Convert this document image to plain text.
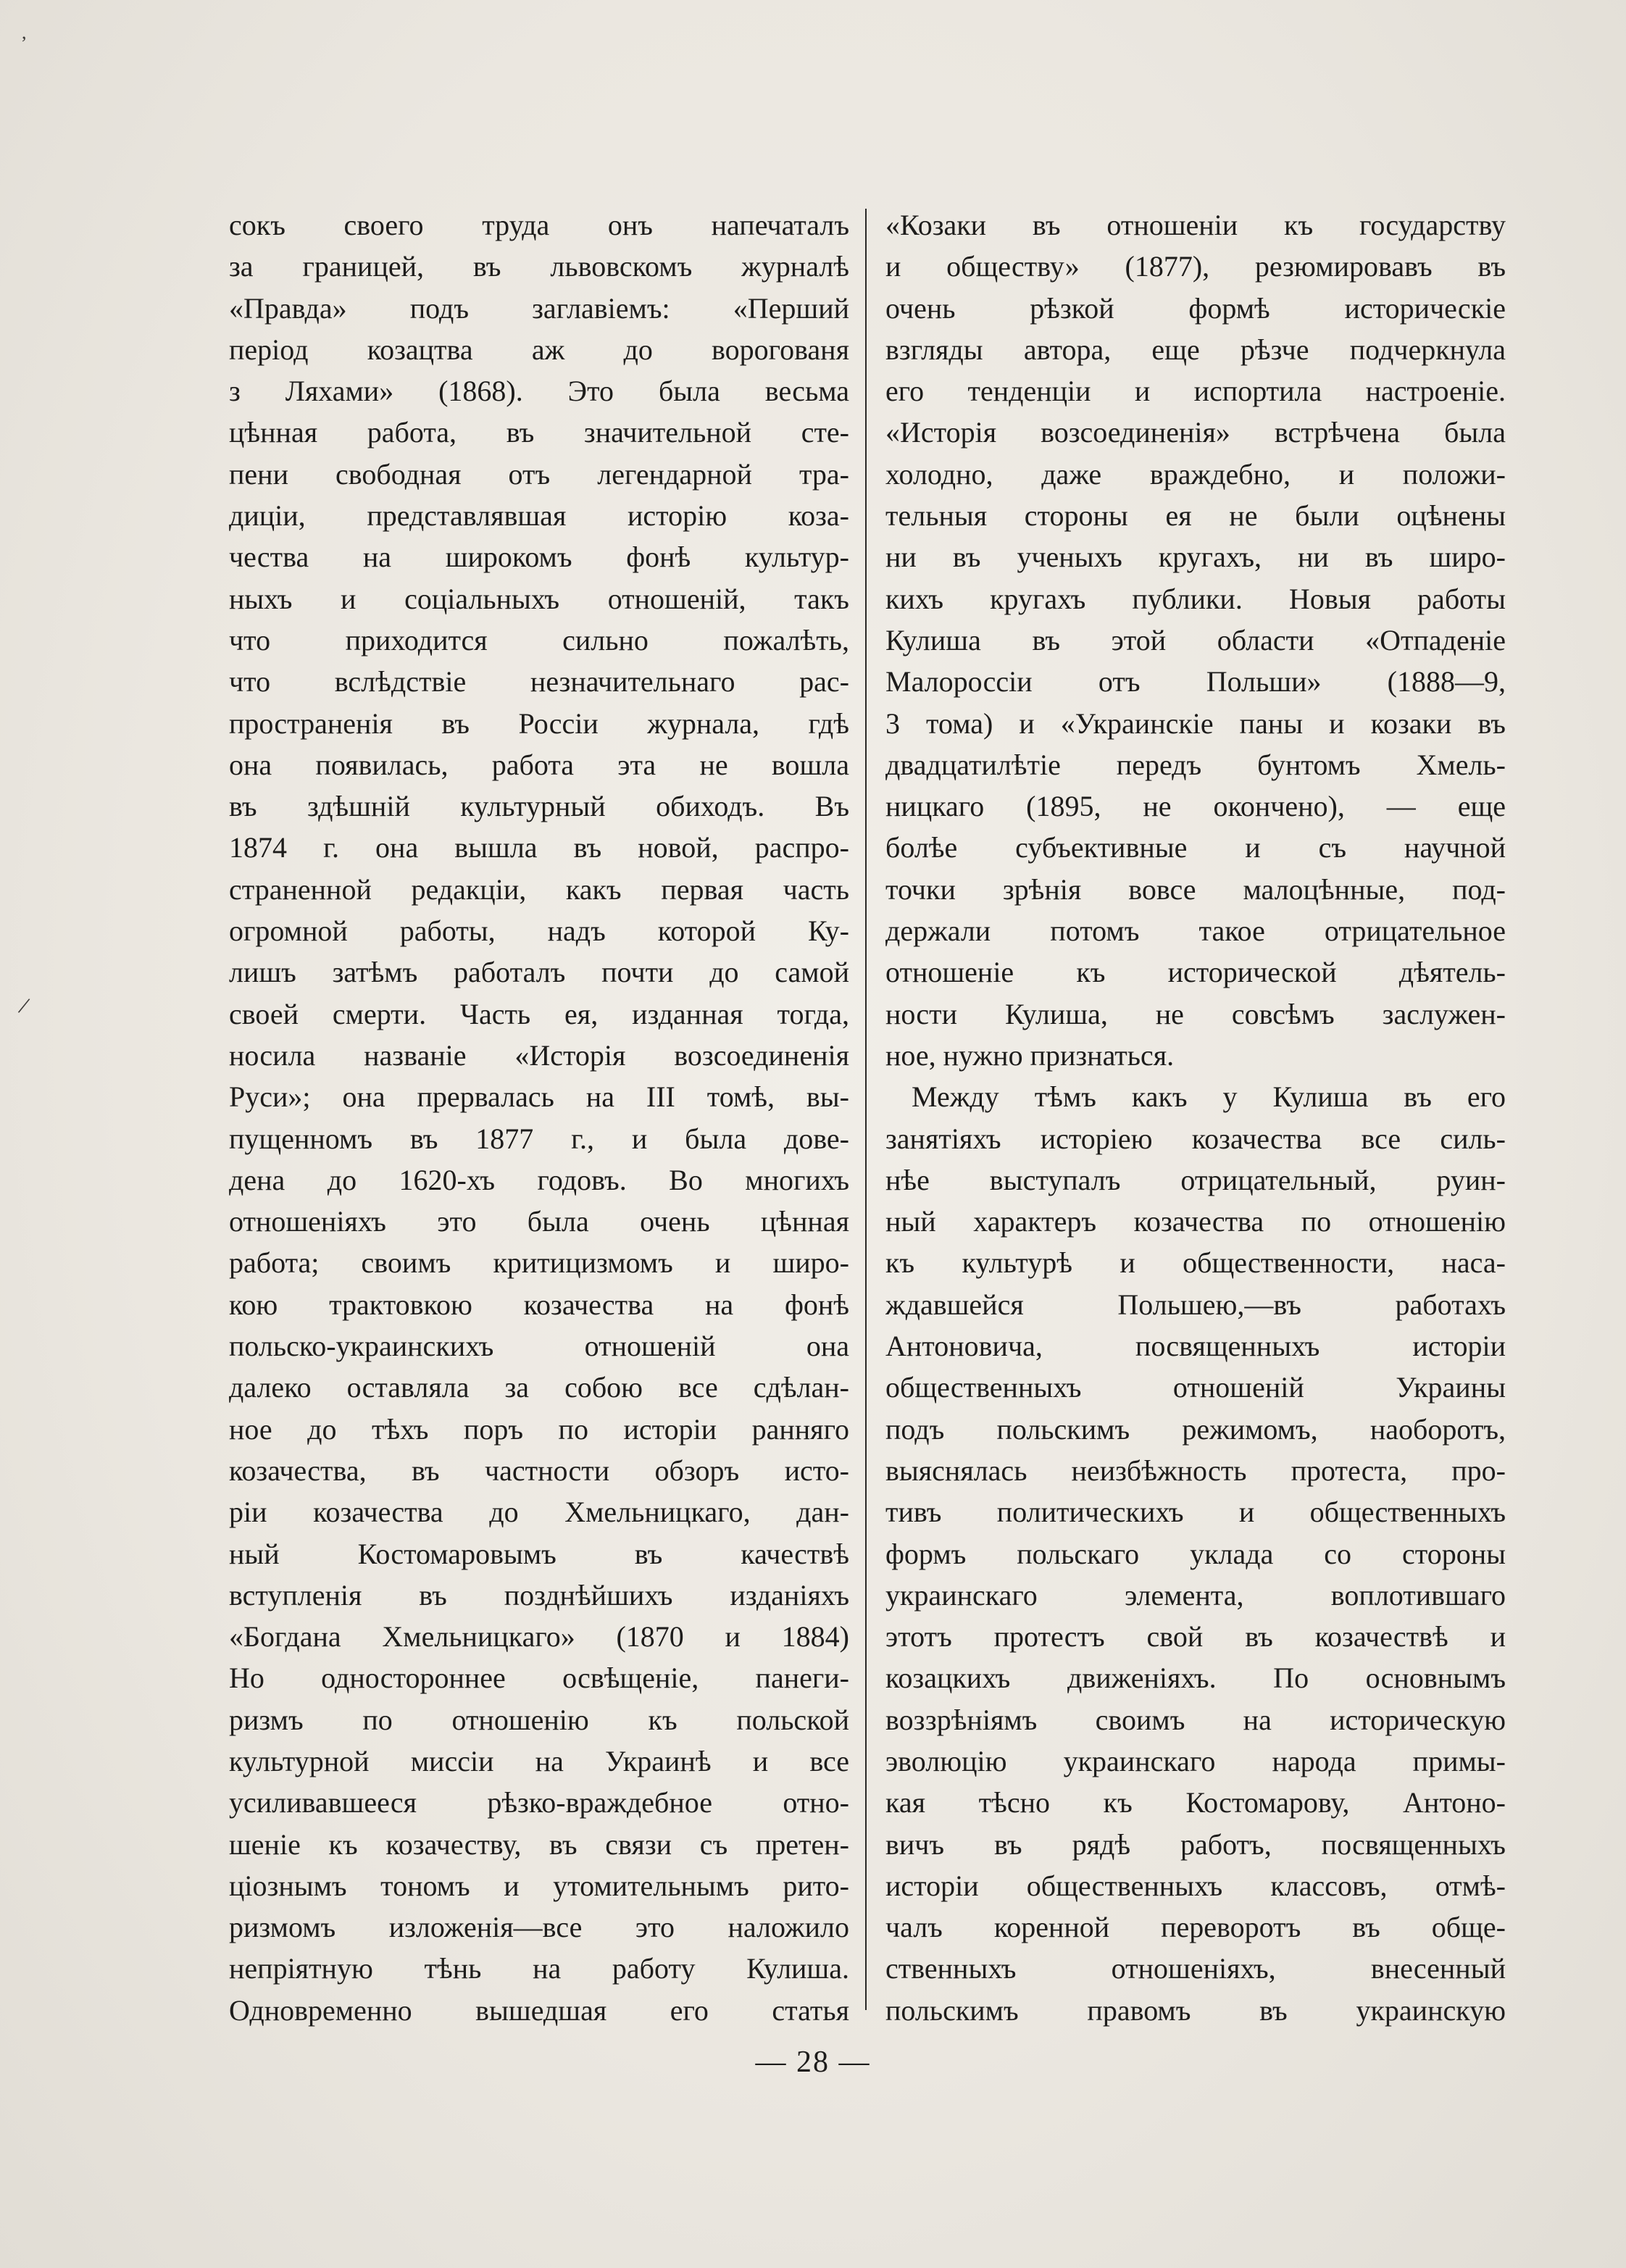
,
/
сокъ своего труда онъ напечаталъ
за границей, въ львовскомъ журналѣ
«Правда» подъ заглавіемъ: «Перший
період козацтва аж до ворогованя
з Ляхами» (1868). Это была весьма
цѣнная работа, въ значительной сте-
пени свободная отъ легендарной тра-
диціи, представлявшая исторію коза-
чества на широкомъ фонѣ культур-
ныхъ и соціальныхъ отношеній, такъ
что приходится сильно пожалѣть,
что вслѣдствіе незначительнаго рас-
пространенія въ Россіи журнала, гдѣ
она появилась, работа эта не вошла
въ здѣшній культурный обиходъ. Въ
1874 г. она вышла въ новой, распро-
страненной редакціи, какъ первая часть
огромной работы, надъ которой Ку-
лишъ затѣмъ работалъ почти до самой
своей смерти. Часть ея, изданная тогда,
носила названіе «Исторія возсоединенія
Руси»; она прервалась на III томѣ, вы-
пущенномъ въ 1877 г., и была дове-
дена до 1620-хъ годовъ. Во многихъ
отношеніяхъ это была очень цѣнная
работа; своимъ критицизмомъ и широ-
кою трактовкою козачества на фонѣ
польско-украинскихъ отношеній она
далеко оставляла за собою все сдѣлан-
ное до тѣхъ поръ по исторіи ранняго
козачества, въ частности обзоръ исто-
ріи козачества до Хмельницкаго, дан-
ный Костомаровымъ въ качествѣ
вступленія въ позднѣйшихъ изданіяхъ
«Богдана Хмельницкаго» (1870 и 1884)
Но одностороннее освѣщеніе, панеги-
ризмъ по отношенію къ польской
культурной миссіи на Украинѣ и все
усиливавшееся рѣзко-враждебное отно-
шеніе къ козачеству, въ связи съ претен-
ціознымъ тономъ и утомительнымъ рито-
ризмомъ изложенія—все это наложило
непріятную тѣнь на работу Кулиша.
Одновременно вышедшая его статья
«Козаки въ отношеніи къ государству
и обществу» (1877), резюмировавъ въ
очень рѣзкой формѣ историческіе
взгляды автора, еще рѣзче подчеркнула
его тенденціи и испортила настроеніе.
«Исторія возсоединенія» встрѣчена была
холодно, даже враждебно, и положи-
тельныя стороны ея не были оцѣнены
ни въ ученыхъ кругахъ, ни въ широ-
кихъ кругахъ публики. Новыя работы
Кулиша въ этой области «Отпаденіе
Малороссіи отъ Польши» (1888—9,
3 тома) и «Украинскіе паны и козаки въ
двадцатилѣтіе передъ бунтомъ Хмель-
ницкаго (1895, не окончено), — еще
болѣе субъективные и съ научной
точки зрѣнія вовсе малоцѣнные, под-
держали потомъ такое отрицательное
отношеніе къ исторической дѣятель-
ности Кулиша, не совсѣмъ заслужен-
ное, нужно признаться.
Между тѣмъ какъ у Кулиша въ его
занятіяхъ исторіею козачества все силь-
нѣе выступалъ отрицательный, руин-
ный характеръ козачества по отношенію
къ культурѣ и общественности, наса-
ждавшейся Польшею,—въ работахъ
Антоновича, посвященныхъ исторіи
общественныхъ отношеній Украины
подъ польскимъ режимомъ, наоборотъ,
выяснялась неизбѣжность протеста, про-
тивъ политическихъ и общественныхъ
формъ польскаго уклада со стороны
украинскаго элемента, воплотившаго
этотъ протестъ свой въ козачествѣ и
козацкихъ движеніяхъ. По основнымъ
воззрѣніямъ своимъ на историческую
эволюцію украинскаго народа примы-
кая тѣсно къ Костомарову, Антоно-
вичъ въ рядѣ работъ, посвященныхъ
исторіи общественныхъ классовъ, отмѣ-
чалъ коренной переворотъ въ обще-
ственныхъ отношеніяхъ, внесенный
польскимъ правомъ въ украинскую
— 28 —
